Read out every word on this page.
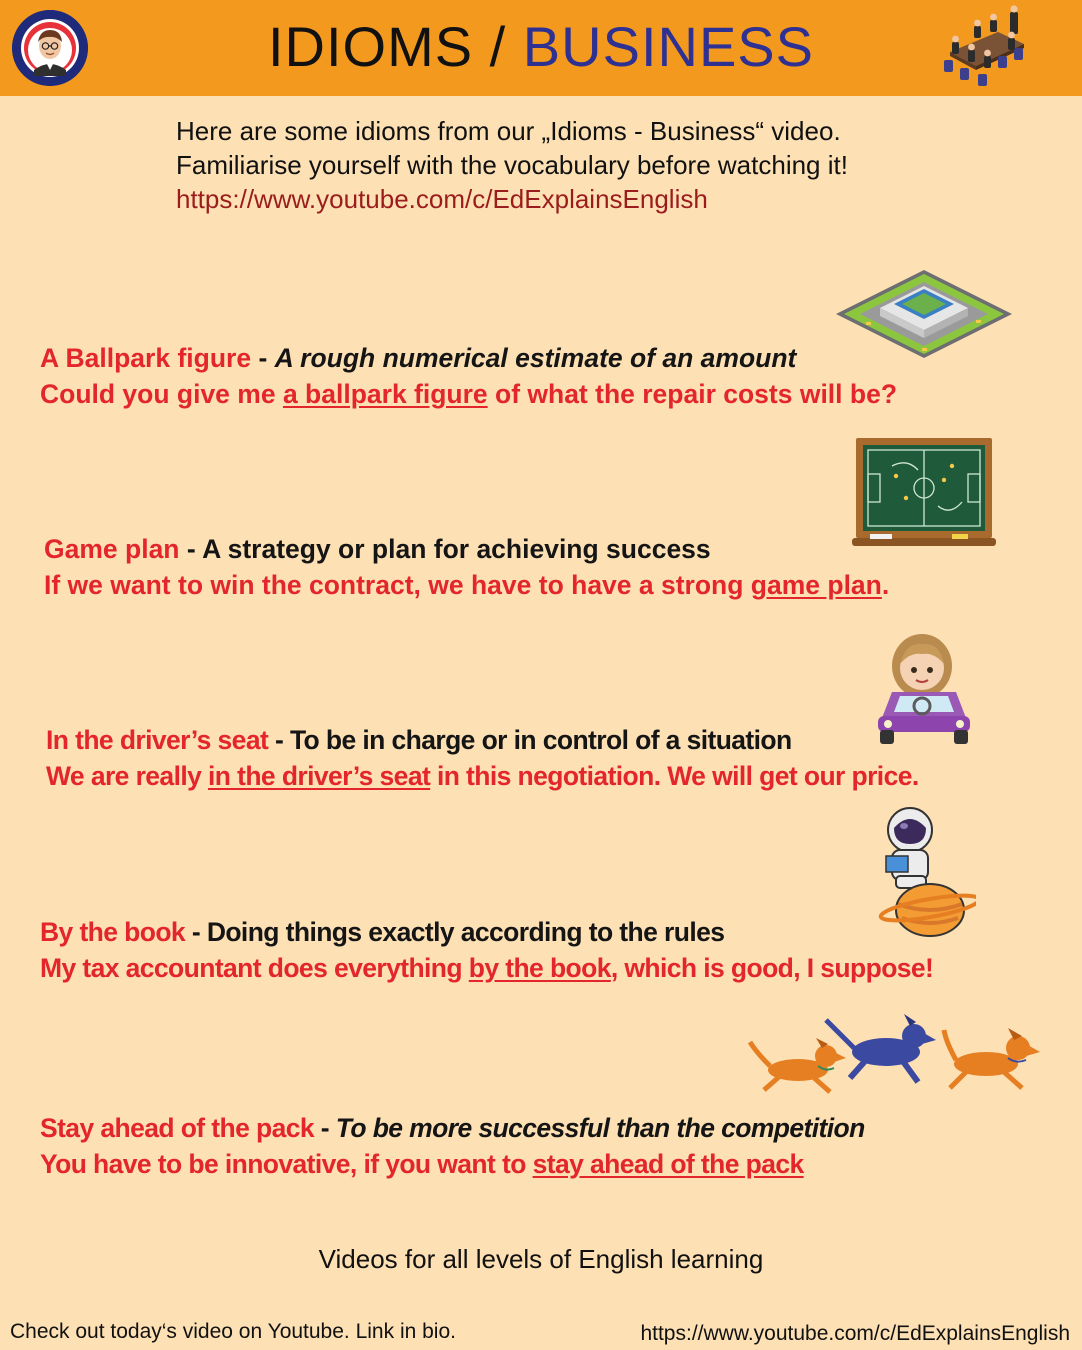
IDIOMS / BUSINESS
Here are some idioms from our „Idioms - Business“ video.
Familiarise yourself with the vocabulary before watching it!
https://www.youtube.com/c/EdExplainsEnglish
A Ballpark figure - A rough numerical estimate of an amount
Could you give me a ballpark figure of what the repair costs will be?
Game plan - A strategy or plan for achieving success
If we want to win the contract, we have to have a strong game plan.
In the driver’s seat - To be in charge or in control of a situation
We are really in the driver’s seat in this negotiation. We will get our price.
By the book - Doing things exactly according to the rules
My tax accountant does everything by the book, which is good, I suppose!
Stay ahead of the pack - To be more successful than the competition
You have to be innovative, if you want to stay ahead of the pack
Videos for all levels of English learning
Check out today‘s video on Youtube. Link in bio.	https://www.youtube.com/c/EdExplainsEnglish
